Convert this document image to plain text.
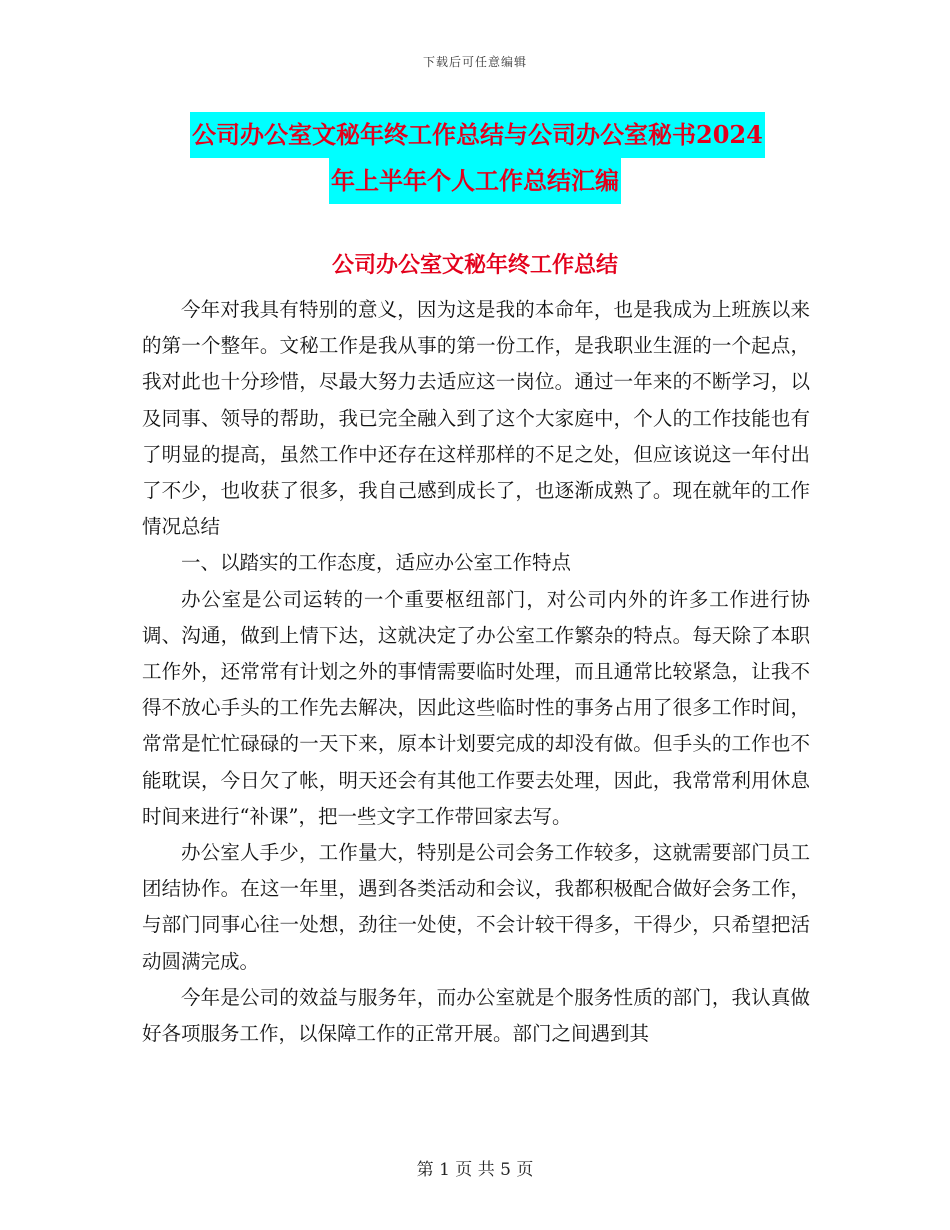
下载后可任意编辑
公司办公室文秘年终工作总结与公司办公室秘书2024
年上半年个人工作总结汇编
公司办公室文秘年终工作总结

今年对我具有特别的意义，因为这是我的本命年，也是我成为上班族以来的第一个整年。文秘工作是我从事的第一份工作，是我职业生涯的一个起点，我对此也十分珍惜，尽最大努力去适应这一岗位。通过一年来的不断学习，以及同事、领导的帮助，我已完全融入到了这个大家庭中，个人的工作技能也有了明显的提高，虽然工作中还存在这样那样的不足之处，但应该说这一年付出了不少，也收获了很多，我自己感到成长了，也逐渐成熟了。现在就年的工作情况总结

一、以踏实的工作态度，适应办公室工作特点

办公室是公司运转的一个重要枢纽部门，对公司内外的许多工作进行协调、沟通，做到上情下达，这就决定了办公室工作繁杂的特点。每天除了本职工作外，还常常有计划之外的事情需要临时处理，而且通常比较紧急，让我不得不放心手头的工作先去解决，因此这些临时性的事务占用了很多工作时间，常常是忙忙碌碌的一天下来，原本计划要完成的却没有做。但手头的工作也不能耽误，今日欠了帐，明天还会有其他工作要去处理，因此，我常常利用休息时间来进行“补课”，把一些文字工作带回家去写。

办公室人手少，工作量大，特别是公司会务工作较多，这就需要部门员工团结协作。在这一年里，遇到各类活动和会议，我都积极配合做好会务工作，与部门同事心往一处想，劲往一处使，不会计较干得多，干得少，只希望把活动圆满完成。

今年是公司的效益与服务年，而办公室就是个服务性质的部门，我认真做好各项服务工作，以保障工作的正常开展。部门之间遇到其

第 1 页 共 5 页
